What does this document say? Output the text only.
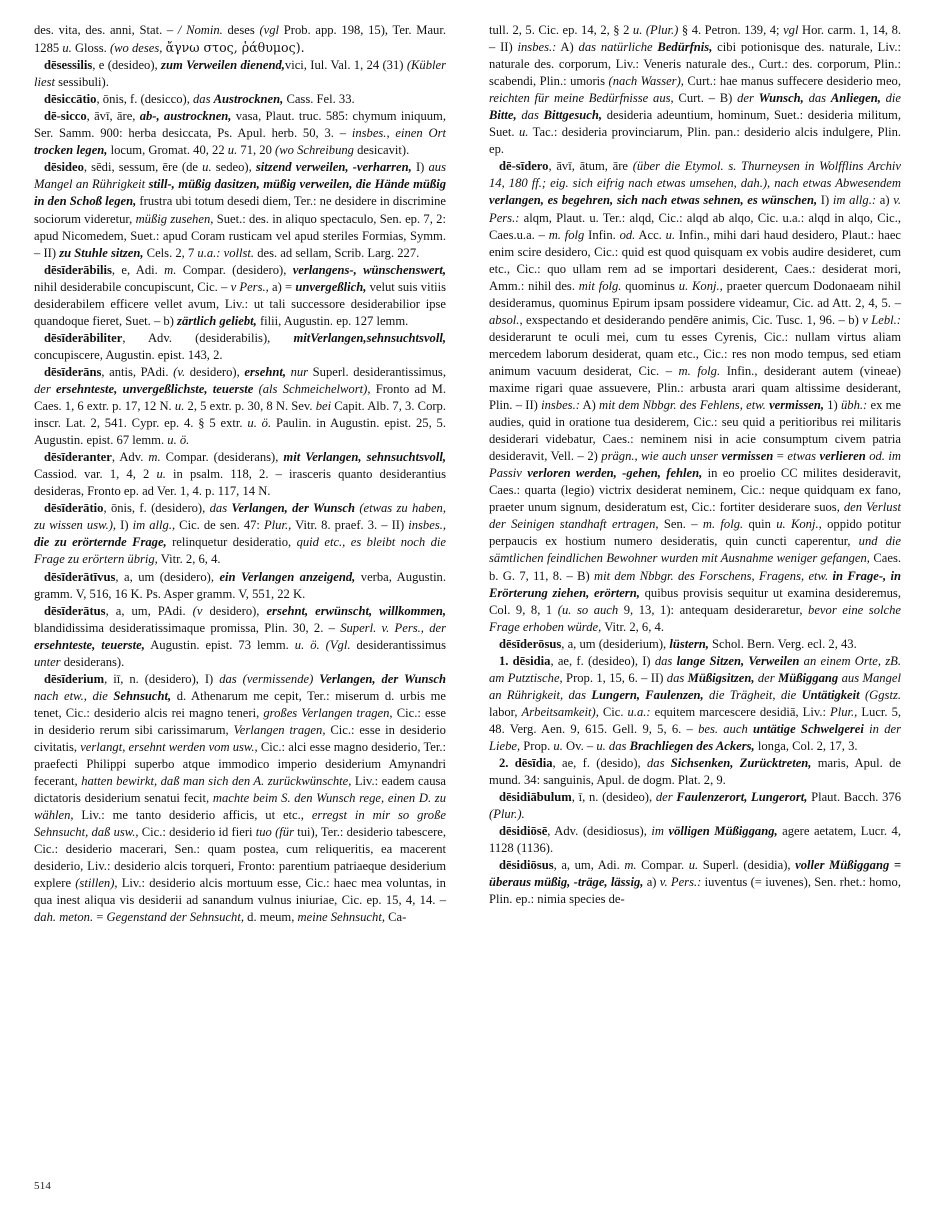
des. vita, des. anni, Stat. – / Nomin. deses (vgl Prob. app. 198, 15), Ter. Maur. 1285 u. Gloss. (wo deses, ἄγνω στος, ῥάθυμος).

dēsessilis, e (desideo), zum Verweilen dienend,vici, Iul. Val. 1, 24 (31) (Kübler liest sessibuli).

dēsiccātio, ōnis, f. (desicco), das Austrocknen, Cass. Fel. 33.

dē-sicco, āvī, āre, ab-, austrocknen, vasa, Plaut. truc. 585: chymum iniquum, Ser. Samm. 900: herba desiccata, Ps. Apul. herb. 50, 3. – insbes., einen Ort trocken legen, locum, Gromat. 40, 22 u. 71, 20 (wo Schreibung desicavit).

dēsideo, sēdi, sessum, ēre (de u. sedeo), sitzend verweilen, -verharren, I) aus Mangel an Rührigkeit still-, müßig dasitzen, müßig verweilen, die Hände müßig in den Schoß legen, frustra ubi totum desedi diem, Ter.: ne desidere in discrimine sociorum videretur, müßig zusehen, Suet.: des. in aliquo spectaculo, Sen. ep. 7, 2: apud Nicomedem, Suet.: apud Coram rusticam vel apud steriles Formias, Symm. – II) zu Stuhle sitzen, Cels. 2, 7 u.a.: vollst. des. ad sellam, Scrib. Larg. 227.

dēsīderābilis, e, Adi. m. Compar. (desidero), verlangens-, wünschenswert, nihil desiderabile concupiscunt, Cic. – v Pers., a) = unvergeßlich, velut suis vitiis desiderabilem efficere vellet avum, Liv.: ut tali successore desiderabilior ipse quandoque fieret, Suet. – b) zärtlich geliebt, filii, Augustin. ep. 127 lemm.

dēsīderābiliter, Adv. (desiderabilis), mitVerlangen,sehnsuchtsvoll, concupiscere, Augustin. epist. 143, 2.

dēsīderāns, antis, PAdi. (v. desidero), ersehnt, nur Superl. desiderantissimus, der ersehnteste, unvergeßlichste, teuerste (als Schmeichelwort), Fronto ad M. Caes. 1, 6 extr. p. 17, 12 N. u. 2, 5 extr. p. 30, 8 N. Sev. bei Capit. Alb. 7, 3. Corp. inscr. Lat. 2, 541. Cypr. ep. 4. § 5 extr. u. ö. Paulin. in Augustin. epist. 25, 5. Augustin. epist. 67 lemm. u. ö.

dēsīderanter, Adv. m. Compar. (desiderans), mit Verlangen, sehnsuchtsvoll, Cassiod. var. 1, 4, 2 u. in psalm. 118, 2. – irasceris quanto desiderantius desideras, Fronto ep. ad Ver. 1, 4. p. 117, 14 N.

dēsīderātio, ōnis, f. (desidero), das Verlangen, der Wunsch (etwas zu haben, zu wissen usw.), I) im allg., Cic. de sen. 47: Plur., Vitr. 8. praef. 3. – II) insbes., die zu erörternde Frage, relinquetur desideratio, quid etc., es bleibt noch die Frage zu erörtern übrig, Vitr. 2, 6, 4.

dēsīderātīvus, a, um (desidero), ein Verlangen anzeigend, verba, Augustin. gramm. V, 516, 16 K. Ps. Asper gramm. V, 551, 22 K.

dēsīderātus, a, um, PAdi. (v desidero), ersehnt, erwünscht, willkommen, blandidissima desideratissimaque promissa, Plin. 30, 2. – Superl. v. Pers., der ersehnteste, teuerste, Augustin. epist. 73 lemm. u. ö. (Vgl. desiderantissimus unter desiderans).

dēsīderium, iī, n. (desidero), I) das (vermissende) Verlangen, der Wunsch nach etw., die Sehnsucht, d. Athenarum me cepit, Ter.: miserum d. urbis me tenet, Cic.: desiderio alcis rei magno teneri, großes Verlangen tragen, Cic.: esse in desiderio rerum sibi carissimarum, Verlangen tragen, Cic.: esse in desiderio civitatis, verlangt, ersehnt werden vom usw., Cic.: alci esse magno desiderio, Ter.: praefecti Philippi superbo atque immodico imperio desiderium Amynandri fecerant, hatten bewirkt, daß man sich den A. zurückwünschte, Liv.: eadem causa dictatoris desiderium senatui fecit, machte beim S. den Wunsch rege, einen D. zu wählen, Liv.: me tanto desiderio afficis, ut etc., erregst in mir so große Sehnsucht, daß usw., Cic.: desiderio id fieri tuo (für tui), Ter.: desiderio tabescere, Cic.: desiderio macerari, Sen.: quam postea, cum reliqueritis, ea macerent desiderio, Liv.: desiderio alcis torqueri, Fronto: parentium patriaeque desiderium explere (stillen), Liv.: desiderio alcis mortuum esse, Cic.: haec mea voluntas, in qua inest aliqua vis desiderii ad sanandum vulnus iniuriae, Cic. ep. 15, 4, 14. – dah. meton. = Gegenstand der Sehnsucht, d. meum, meine Sehnsucht, Ca-

tull. 2, 5. Cic. ep. 14, 2, § 2 u. (Plur.) § 4. Petron. 139, 4; vgl Hor. carm. 1, 14, 8. – II) insbes.: A) das natürliche Bedürfnis, cibi potionisque des. naturale, Liv.: naturale des. corporum, Liv.: Veneris naturale des., Curt.: des. corporum, Plin.: scabendi, Plin.: umoris (nach Wasser), Curt.: hae manus suffecere desiderio meo, reichten für meine Bedürfnisse aus, Curt. – B) der Wunsch, das Anliegen, die Bitte, das Bittgesuch, desideria adeuntium, hominum, Suet.: desideria militum, Suet. u. Tac.: desideria provinciarum, Plin. pan.: desiderio alcis indulgere, Plin. ep.

dē-sīdero, āvī, ātum, āre (über die Etymol. s. Thurneysen in Wolfflins Archiv 14, 180 ff.; eig. sich eifrig nach etwas umsehen, dah.), nach etwas Abwesendem verlangen, es begehren, sich nach etwas sehnen, es wünschen, I) im allg.: a) v. Pers.: alqm, Plaut. u. Ter.: alqd, Cic.: alqd ab alqo, Cic. u.a.: alqd in alqo, Cic., Caes.u.a. – m. folg Infin. od. Acc. u. Infin., mihi dari haud desidero, Plaut.: haec enim scire desidero, Cic.: quid est quod quisquam ex vobis audire desideret, cum etc., Cic.: quo ullam rem ad se importari desiderent, Caes.: desiderat mori, Amm.: nihil des. mit folg. quominus u. Konj., praeter quercum Dodonaeam nihil desideramus, quominus Epirum ipsam possidere videamur, Cic. ad Att. 2, 4, 5. – absol., exspectando et desiderando pendēre animis, Cic. Tusc. 1, 96. – b) v Lebl.: desiderarunt te oculi mei, cum tu esses Cyrenis, Cic.: nullam virtus aliam mercedem laborum desiderat, quam etc., Cic.: res non modo tempus, sed etiam animum vacuum desiderat, Cic. – m. folg. Infin., desiderant autem (vineae) maxime rigari quae assuevere, Plin.: arbusta arari quam altissime desiderant, Plin. – II) insbes.: A) mit dem Nbbgr. des Fehlens, etw. vermissen, 1) übh.: ex me audies, quid in oratione tua desiderem, Cic.: seu quid a peritioribus rei militaris desiderari videbatur, Caes.: neminem nisi in acie consumptum civem patria desideravit, Vell. – 2) prägn., wie auch unser vermissen = etwas verlieren od. im Passiv verloren werden, -gehen, fehlen, in eo proelio CC milites desideravit, Caes.: quarta (legio) victrix desiderat neminem, Cic.: neque quidquam ex fano, praeter unum signum, desideratum est, Cic.: fortiter desiderare suos, den Verlust der Seinigen standhaft ertragen, Sen. – m. folg. quin u. Konj., oppido potitur perpaucis ex hostium numero desideratis, quin cuncti caperentur, und die sämtlichen feindlichen Bewohner wurden mit Ausnahme weniger gefangen, Caes. b. G. 7, 11, 8. – B) mit dem Nbbgr. des Forschens, Fragens, etw. in Frage-, in Erörterung ziehen, erörtern, quibus provisis sequitur ut examina desideremus, Col. 9, 8, 1 (u. so auch 9, 13, 1): antequam desideraretur, bevor eine solche Frage erhoben würde, Vitr. 2, 6, 4.

dēsīderōsus, a, um (desiderium), lüstern, Schol. Bern. Verg. ecl. 2, 43.

1. dēsidia, ae, f. (desideo), I) das lange Sitzen, Verweilen an einem Orte, zB. am Putztische, Prop. 1, 15, 6. – II) das Müßigsitzen, der Müßiggang aus Mangel an Rührigkeit, das Lungern, Faulenzen, die Trägheit, die Untätigkeit (Ggstz. labor, Arbeitsamkeit), Cic. u.a.: equitem marcescere desidiā, Liv.: Plur., Lucr. 5, 48. Verg. Aen. 9, 615. Gell. 9, 5, 6. – bes. auch untätige Schwelgerei in der Liebe, Prop. u. Ov. – u. das Brachliegen des Ackers, longa, Col. 2, 17, 3.

2. dēsīdia, ae, f. (desido), das Sichsenken, Zurücktreten, maris, Apul. de mund. 34: sanguinis, Apul. de dogm. Plat. 2, 9.

dēsidiābulum, ī, n. (desideo), der Faulenzerort, Lungerort, Plaut. Bacch. 376 (Plur.).

dēsidiōsē, Adv. (desidiosus), im völligen Müßiggang, agere aetatem, Lucr. 4, 1128 (1136).

dēsidiōsus, a, um, Adi. m. Compar. u. Superl. (desidia), voller Müßiggang = überaus müßig, -träge, lässig, a) v. Pers.: iuventus (= iuvenes), Sen. rhet.: homo, Plin. ep.: nimia species de-

514
